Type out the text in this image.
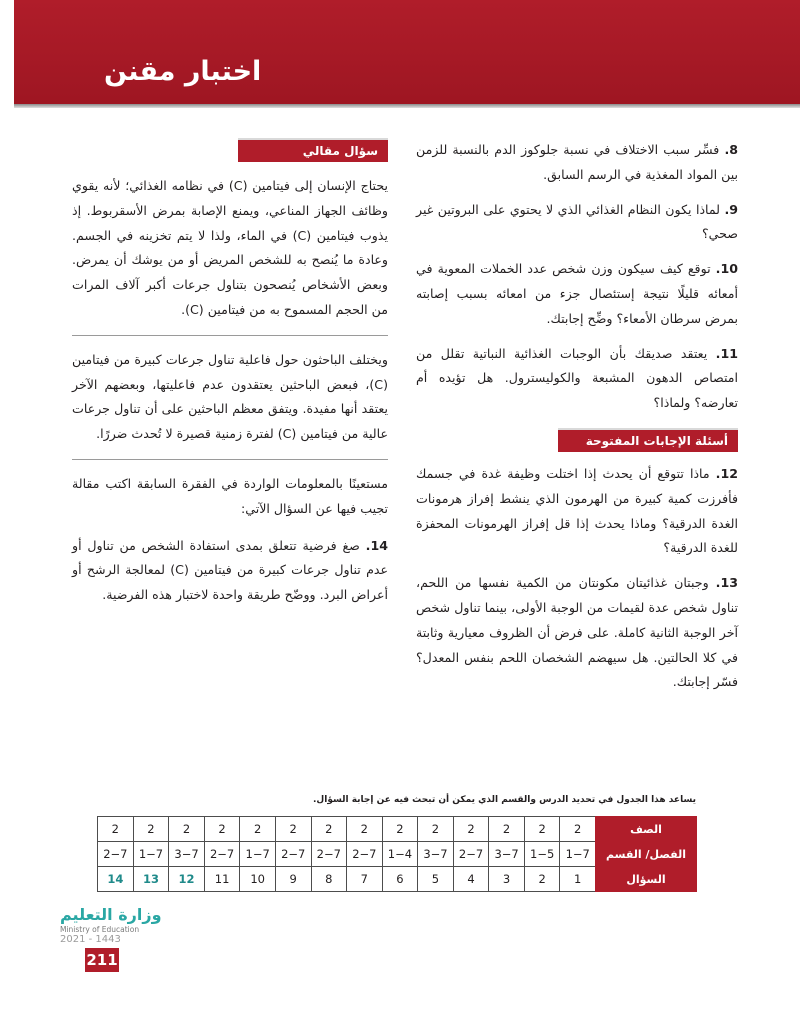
اختبار مقنن
8. فسِّر سبب الاختلاف في نسبة جلوكوز الدم بالنسبة للزمن بين المواد المغذية في الرسم السابق.
9. لماذا يكون النظام الغذائي الذي لا يحتوي على البروتين غير صحي؟
10. توقع كيف سيكون وزن شخص عدد الخملات المعوية في أمعائه قليلًا نتيجة إستئصال جزء من امعائه بسبب إصابته بمرض سرطان الأمعاء؟ وضِّح إجابتك.
11. يعتقد صديقك بأن الوجبات الغذائية النباتية تقلل من امتصاص الدهون المشبعة والكوليسترول. هل تؤيده أم تعارضه؟ ولماذا؟
أسئلة الإجابات المفتوحة
12. ماذا تتوقع أن يحدث إذا اختلت وظيفة غدة في جسمك فأفرزت كمية كبيرة من الهرمون الذي ينشط إفراز هرمونات الغدة الدرقية؟ وماذا يحدث إذا قل إفراز الهرمونات المحفزة للغدة الدرقية؟
13. وجبتان غذائيتان مكونتان من الكمية نفسها من اللحم، تناول شخص عدة لقيمات من الوجبة الأولى، بينما تناول شخص آخر الوجبة الثانية كاملة. على فرض أن الظروف معيارية وثابتة في كلا الحالتين. هل سيهضم الشخصان اللحم بنفس المعدل؟ فسّر إجابتك.
سؤال مقالي

يحتاج الإنسان إلى فيتامين (C) في نظامه الغذائي؛ لأنه يقوي وظائف الجهاز المناعي، ويمنع الإصابة بمرض الأسقربوط. إذ يذوب فيتامين (C) في الماء، ولذا لا يتم تخزينه في الجسم. وعادة ما يُنصح به للشخص المريض أو من يوشك أن يمرض. وبعض الأشخاص يُنصحون بتناول جرعات أكبر آلاف المرات من الحجم المسموح به من فيتامين (C).

ويختلف الباحثون حول فاعلية تناول جرعات كبيرة من فيتامين (C)، فبعض الباحثين يعتقدون عدم فاعليتها، وبعضهم الآخر يعتقد أنها مفيدة. ويتفق معظم الباحثين على أن تناول جرعات عالية من فيتامين (C) لفترة زمنية قصيرة لا تُحدث ضررًا.

مستعينًا بالمعلومات الواردة في الفقرة السابقة اكتب مقالة تجيب فيها عن السؤال الآتي:

14. صغ فرضية تتعلق بمدى استفادة الشخص من تناول أو عدم تناول جرعات كبيرة من فيتامين (C) لمعالجة الرشح أو أعراض البرد. ووضّح طريقة واحدة لاختبار هذه الفرضية.
يساعد هذا الجدول في تحديد الدرس والقسم الذي يمكن أن تبحث فيه عن إجابة السؤال.
الصف	2	2	2	2	2	2	2	2	2	2	2	2	2	2
الفصل/ القسم	1−7	1−5	3−7	2−7	3−7	1−4	2−7	2−7	2−7	1−7	2−7	3−7	1−7	2−7
السؤال	1	2	3	4	5	6	7	8	9	10	11	12	13	14
وزارة التعليم
Ministry of Education
2021 - 1443
211
